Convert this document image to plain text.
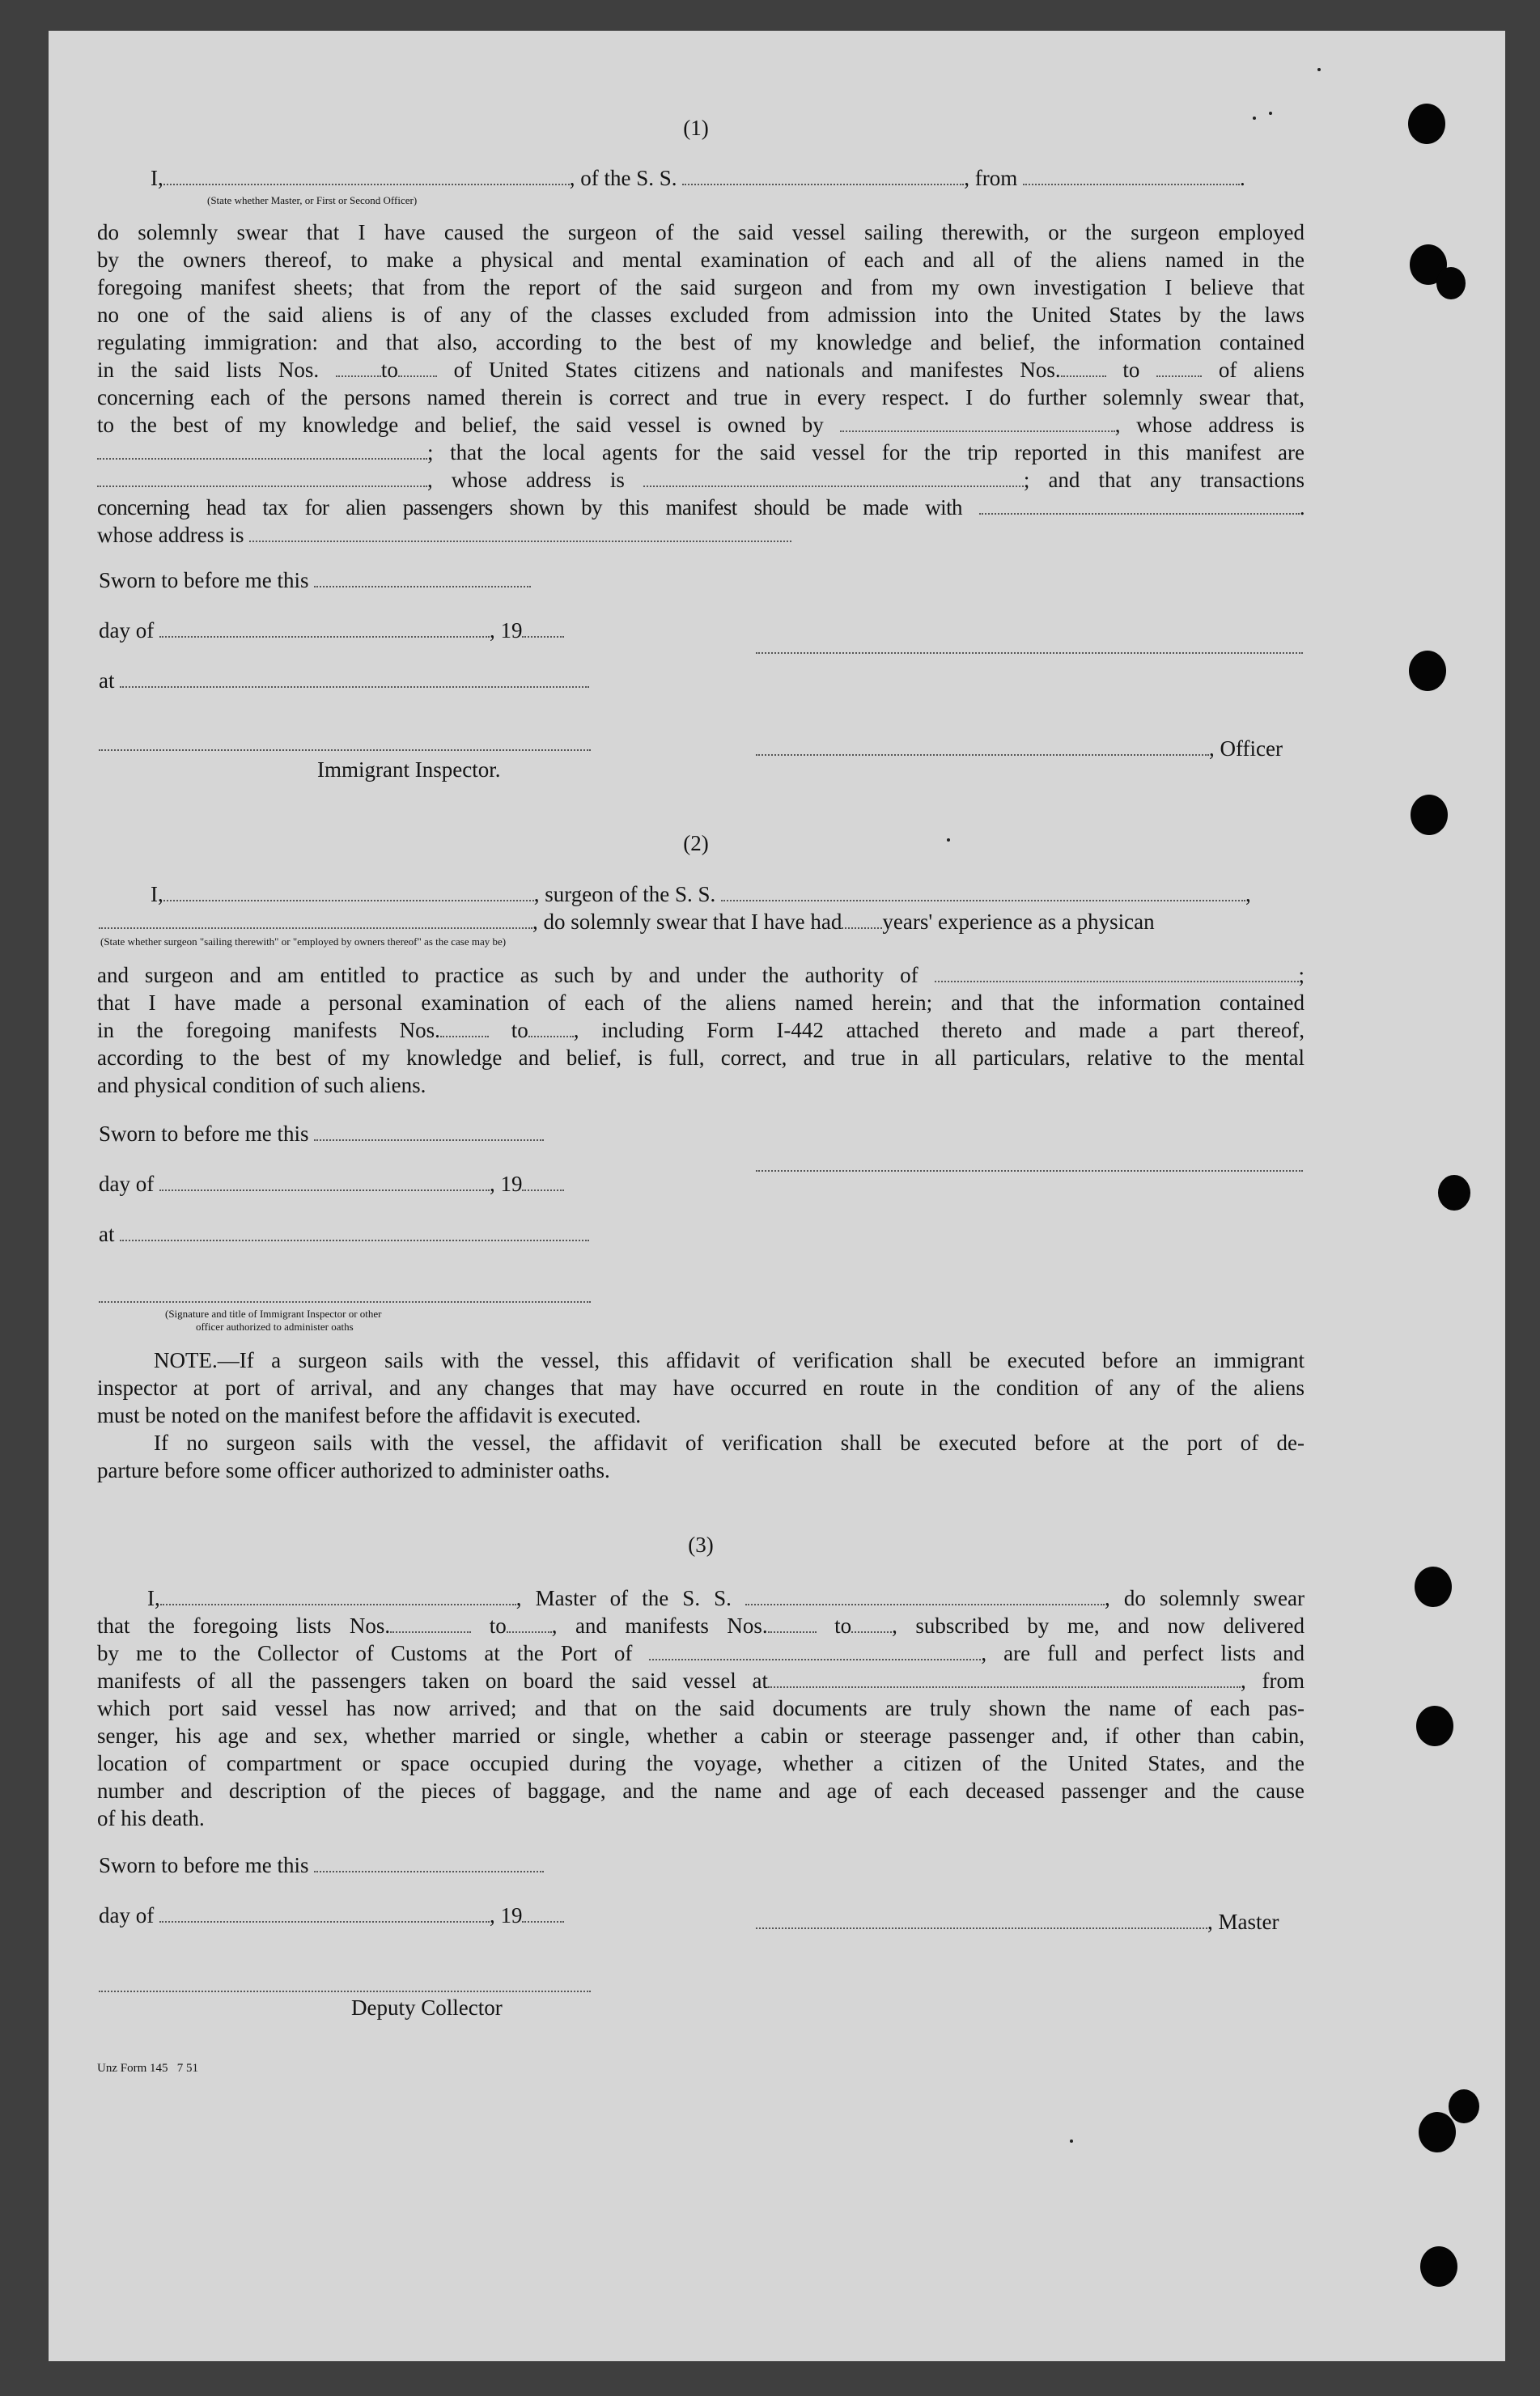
(1)
I,	, of the S. S.	, from	.
(State whether Master, or First or Second Officer)
do solemnly swear that I have caused the surgeon of the said vessel sailing therewith, or the surgeon employed
by the owners thereof, to make a physical and mental examination of each and all of the aliens named in the
foregoing manifest sheets; that from the report of the said surgeon and from my own investigation I believe that
no one of the said aliens is of any of the classes excluded from admission into the United States by the laws
regulating immigration: and that also, according to the best of my knowledge and belief, the information contained
in the said lists Nos.	to	of United States citizens and nationals and manifestes Nos.	to	of aliens
concerning each of the persons named therein is correct and true in every respect. I do further solemnly swear that,
to the best of my knowledge and belief, the said vessel is owned by	, whose address is
; that the local agents for the said vessel for the trip reported in this manifest are
, whose address is	; and that any transactions
concerning head tax for alien passengers shown by this manifest should be made with	.
whose address is
Sworn to before me this
day of	, 19
at
Immigrant Inspector.
, Officer
(2)
I,	, surgeon of the S. S.	,
, do solemnly swear that I have had years' experience as a physican
(State whether surgeon "sailing therewith" or "employed by owners thereof" as the case may be)
and surgeon and am entitled to practice as such by and under the authority of	;
that I have made a personal examination of each of the aliens named herein; and that the information contained
in the foregoing manifests Nos.	to , including Form I-442 attached thereto and made a part thereof,
according to the best of my knowledge and belief, is full, correct, and true in all particulars, relative to the mental
and physical condition of such aliens.
Sworn to before me this
day of	, 19
at
(Signature and title of Immigrant Inspector or other
officer authorized to administer oaths
NOTE.—If a surgeon sails with the vessel, this affidavit of verification shall be executed before an immigrant
inspector at port of arrival, and any changes that may have occurred en route in the condition of any of the aliens
must be noted on the manifest before the affidavit is executed.

If no surgeon sails with the vessel, the affidavit of verification shall be executed before at the port of de-
parture before some officer authorized to administer oaths.
(3)
I,	, Master of the S. S.	, do solemnly swear
that the foregoing lists Nos.	to , and manifests Nos.	to , subscribed by me, and now delivered
by me to the Collector of Customs at the Port of	, are full and perfect lists and
manifests of all the passengers taken on board the said vessel at	, from
which port said vessel has now arrived; and that on the said documents are truly shown the name of each pas-
senger, his age and sex, whether married or single, whether a cabin or steerage passenger and, if other than cabin,
location of compartment or space occupied during the voyage, whether a citizen of the United States, and the
number and description of the pieces of baggage, and the name and age of each deceased passenger and the cause
of his death.
Sworn to before me this
day of	, 19	, Master
Deputy Collector
Unz Form 145   7 51
